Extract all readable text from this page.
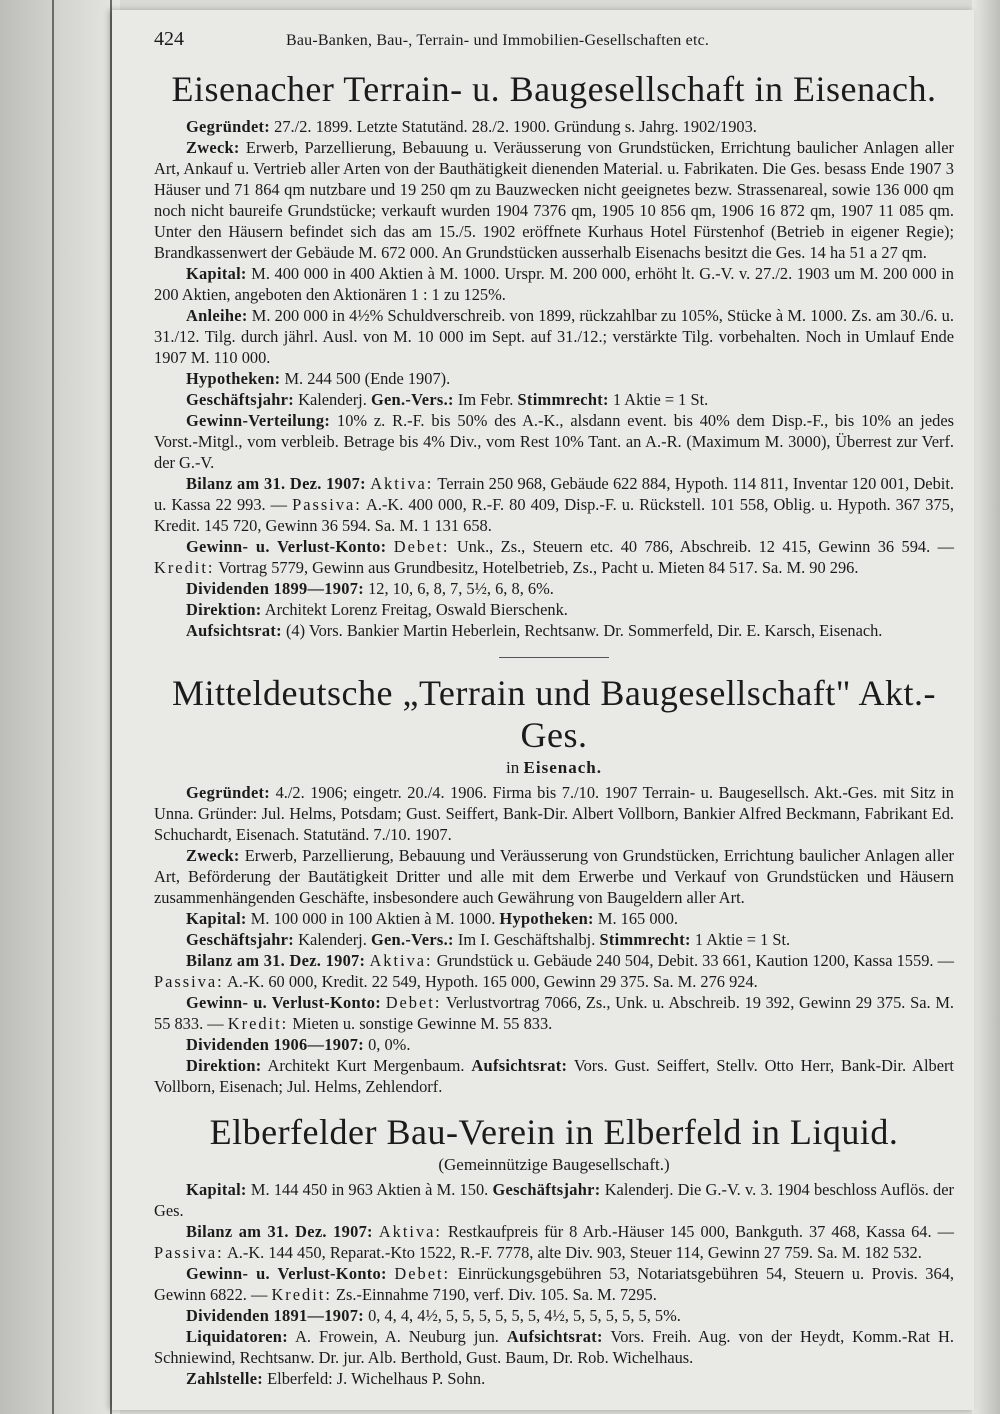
424	Bau-Banken, Bau-, Terrain- und Immobilien-Gesellschaften etc.
Eisenacher Terrain- u. Baugesellschaft in Eisenach.

Gegründet: 27./2. 1899. Letzte Statutänd. 28./2. 1900. Gründung s. Jahrg. 1902/1903.

Zweck: Erwerb, Parzellierung, Bebauung u. Veräusserung von Grundstücken, Errichtung baulicher Anlagen aller Art, Ankauf u. Vertrieb aller Arten von der Bauthätigkeit dienenden Material. u. Fabrikaten. Die Ges. besass Ende 1907 3 Häuser und 71 864 qm nutzbare und 19 250 qm zu Bauzwecken nicht geeignetes bezw. Strassenareal, sowie 136 000 qm noch nicht baureife Grundstücke; verkauft wurden 1904 7376 qm, 1905 10 856 qm, 1906 16 872 qm, 1907 11 085 qm. Unter den Häusern befindet sich das am 15./5. 1902 eröffnete Kurhaus Hotel Fürstenhof (Betrieb in eigener Regie); Brandkassenwert der Gebäude M. 672 000. An Grundstücken ausserhalb Eisenachs besitzt die Ges. 14 ha 51 a 27 qm.

Kapital: M. 400 000 in 400 Aktien à M. 1000. Urspr. M. 200 000, erhöht lt. G.-V. v. 27./2. 1903 um M. 200 000 in 200 Aktien, angeboten den Aktionären 1 : 1 zu 125%.

Anleihe: M. 200 000 in 4½% Schuldverschreib. von 1899, rückzahlbar zu 105%, Stücke à M. 1000. Zs. am 30./6. u. 31./12. Tilg. durch jährl. Ausl. von M. 10 000 im Sept. auf 31./12.; verstärkte Tilg. vorbehalten. Noch in Umlauf Ende 1907 M. 110 000.

Hypotheken: M. 244 500 (Ende 1907).

Geschäftsjahr: Kalenderj. Gen.-Vers.: Im Febr. Stimmrecht: 1 Aktie = 1 St.

Gewinn-Verteilung: 10% z. R.-F. bis 50% des A.-K., alsdann event. bis 40% dem Disp.-F., bis 10% an jedes Vorst.-Mitgl., vom verbleib. Betrage bis 4% Div., vom Rest 10% Tant. an A.-R. (Maximum M. 3000), Überrest zur Verf. der G.-V.

Bilanz am 31. Dez. 1907: Aktiva: Terrain 250 968, Gebäude 622 884, Hypoth. 114 811, Inventar 120 001, Debit. u. Kassa 22 993. — Passiva: A.-K. 400 000, R.-F. 80 409, Disp.-F. u. Rückstell. 101 558, Oblig. u. Hypoth. 367 375, Kredit. 145 720, Gewinn 36 594. Sa. M. 1 131 658.

Gewinn- u. Verlust-Konto: Debet: Unk., Zs., Steuern etc. 40 786, Abschreib. 12 415, Gewinn 36 594. — Kredit: Vortrag 5779, Gewinn aus Grundbesitz, Hotelbetrieb, Zs., Pacht u. Mieten 84 517. Sa. M. 90 296.

Dividenden 1899—1907: 12, 10, 6, 8, 7, 5½, 6, 8, 6%.

Direktion: Architekt Lorenz Freitag, Oswald Bierschenk.

Aufsichtsrat: (4) Vors. Bankier Martin Heberlein, Rechtsanw. Dr. Sommerfeld, Dir. E. Karsch, Eisenach.

Mitteldeutsche „Terrain und Baugesellschaft" Akt.-Ges.
in Eisenach.

Gegründet: 4./2. 1906; eingetr. 20./4. 1906. Firma bis 7./10. 1907 Terrain- u. Baugesellsch. Akt.-Ges. mit Sitz in Unna. Gründer: Jul. Helms, Potsdam; Gust. Seiffert, Bank-Dir. Albert Vollborn, Bankier Alfred Beckmann, Fabrikant Ed. Schuchardt, Eisenach. Statutänd. 7./10. 1907.

Zweck: Erwerb, Parzellierung, Bebauung und Veräusserung von Grundstücken, Errichtung baulicher Anlagen aller Art, Beförderung der Bautätigkeit Dritter und alle mit dem Erwerbe und Verkauf von Grundstücken und Häusern zusammenhängenden Geschäfte, insbesondere auch Gewährung von Baugeldern aller Art.

Kapital: M. 100 000 in 100 Aktien à M. 1000. Hypotheken: M. 165 000.

Geschäftsjahr: Kalenderj. Gen.-Vers.: Im I. Geschäftshalbj. Stimmrecht: 1 Aktie = 1 St.

Bilanz am 31. Dez. 1907: Aktiva: Grundstück u. Gebäude 240 504, Debit. 33 661, Kaution 1200, Kassa 1559. — Passiva: A.-K. 60 000, Kredit. 22 549, Hypoth. 165 000, Gewinn 29 375. Sa. M. 276 924.

Gewinn- u. Verlust-Konto: Debet: Verlustvortrag 7066, Zs., Unk. u. Abschreib. 19 392, Gewinn 29 375. Sa. M. 55 833. — Kredit: Mieten u. sonstige Gewinne M. 55 833.

Dividenden 1906—1907: 0, 0%.

Direktion: Architekt Kurt Mergenbaum. Aufsichtsrat: Vors. Gust. Seiffert, Stellv. Otto Herr, Bank-Dir. Albert Vollborn, Eisenach; Jul. Helms, Zehlendorf.

Elberfelder Bau-Verein in Elberfeld in Liquid.
(Gemeinnützige Baugesellschaft.)

Kapital: M. 144 450 in 963 Aktien à M. 150. Geschäftsjahr: Kalenderj. Die G.-V. v. 3. 1904 beschloss Auflös. der Ges.

Bilanz am 31. Dez. 1907: Aktiva: Restkaufpreis für 8 Arb.-Häuser 145 000, Bankguth. 37 468, Kassa 64. — Passiva: A.-K. 144 450, Reparat.-Kto 1522, R.-F. 7778, alte Div. 903, Steuer 114, Gewinn 27 759. Sa. M. 182 532.

Gewinn- u. Verlust-Konto: Debet: Einrückungsgebühren 53, Notariatsgebühren 54, Steuern u. Provis. 364, Gewinn 6822. — Kredit: Zs.-Einnahme 7190, verf. Div. 105. Sa. M. 7295.

Dividenden 1891—1907: 0, 4, 4, 4½, 5, 5, 5, 5, 5, 5, 4½, 5, 5, 5, 5, 5, 5%.

Liquidatoren: A. Frowein, A. Neuburg jun. Aufsichtsrat: Vors. Freih. Aug. von der Heydt, Komm.-Rat H. Schniewind, Rechtsanw. Dr. jur. Alb. Berthold, Gust. Baum, Dr. Rob. Wichelhaus.

Zahlstelle: Elberfeld: J. Wichelhaus P. Sohn.
